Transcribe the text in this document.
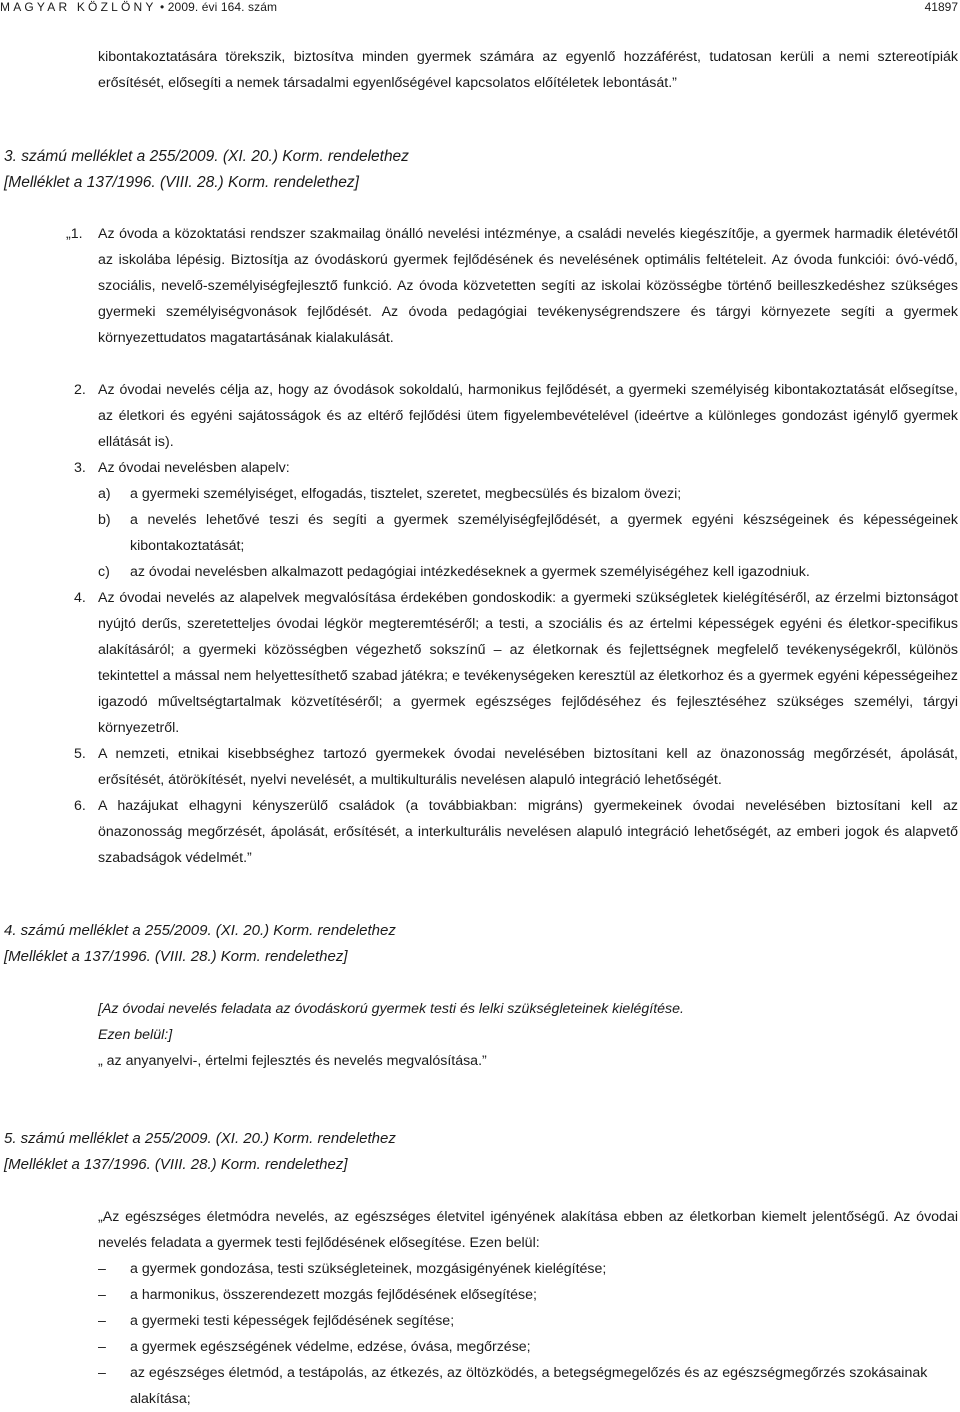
MAGYAR KÖZLÖNY • 2009. évi 164. szám	41897

kibontakoztatására törekszik, biztosítva minden gyermek számára az egyenlő hozzáférést, tudatosan kerüli a nemi sztereotípiák erősítését, elősegíti a nemek társadalmi egyenlőségével kapcsolatos előítéletek lebontását.”

3. számú melléklet a 255/2009. (XI. 20.) Korm. rendelethez

[Melléklet a 137/1996. (VIII. 28.) Korm. rendelethez]

„1. Az óvoda a közoktatási rendszer szakmailag önálló nevelési intézménye, a családi nevelés kiegészítője, a gyermek harmadik életévétől az iskolába lépésig. Biztosítja az óvodáskorú gyermek fejlődésének és nevelésének optimális feltételeit. Az óvoda funkciói: óvó-védő, szociális, nevelő-személyiségfejlesztő funkció. Az óvoda közvetetten segíti az iskolai közösségbe történő beilleszkedéshez szükséges gyermeki személyiségvonások fejlődését. Az óvoda pedagógiai tevékenységrendszere és tárgyi környezete segíti a gyermek környezettudatos magatartásának kialakulását.

2. Az óvodai nevelés célja az, hogy az óvodások sokoldalú, harmonikus fejlődését, a gyermeki személyiség kibontakoztatását elősegítse, az életkori és egyéni sajátosságok és az eltérő fejlődési ütem figyelembevételével (ideértve a különleges gondozást igénylő gyermek ellátását is).

3. Az óvodai nevelésben alapelv:

a) a gyermeki személyiséget, elfogadás, tisztelet, szeretet, megbecsülés és bizalom övezi;

b) a nevelés lehetővé teszi és segíti a gyermek személyiségfejlődését, a gyermek egyéni készségeinek és képességeinek kibontakoztatását;

c) az óvodai nevelésben alkalmazott pedagógiai intézkedéseknek a gyermek személyiségéhez kell igazodniuk.

4. Az óvodai nevelés az alapelvek megvalósítása érdekében gondoskodik: a gyermeki szükségletek kielégítéséről, az érzelmi biztonságot nyújtó derűs, szeretetteljes óvodai légkör megteremtéséről; a testi, a szociális és az értelmi képességek egyéni és életkor-specifikus alakításáról; a gyermeki közösségben végezhető sokszínű – az életkornak és fejlettségnek megfelelő tevékenységekről, különös tekintettel a mással nem helyettesíthető szabad játékra; e tevékenységeken keresztül az életkorhoz és a gyermek egyéni képességeihez igazodó műveltségtartalmak közvetítéséről; a gyermek egészséges fejlődéséhez és fejlesztéséhez szükséges személyi, tárgyi környezetről.

5. A nemzeti, etnikai kisebbséghez tartozó gyermekek óvodai nevelésében biztosítani kell az önazonosság megőrzését, ápolását, erősítését, átörökítését, nyelvi nevelését, a multikulturális nevelésen alapuló integráció lehetőségét.

6. A hazájukat elhagyni kényszerülő családok (a továbbiakban: migráns) gyermekeinek óvodai nevelésében biztosítani kell az önazonosság megőrzését, ápolását, erősítését, a interkulturális nevelésen alapuló integráció lehetőségét, az emberi jogok és alapvető szabadságok védelmét.”

4. számú melléklet a 255/2009. (XI. 20.) Korm. rendelethez

[Melléklet a 137/1996. (VIII. 28.) Korm. rendelethez]

[Az óvodai nevelés feladata az óvodáskorú gyermek testi és lelki szükségleteinek kielégítése.

Ezen belül:]

„ az anyanyelvi-, értelmi fejlesztés és nevelés megvalósítása.”

5. számú melléklet a 255/2009. (XI. 20.) Korm. rendelethez

[Melléklet a 137/1996. (VIII. 28.) Korm. rendelethez]

„Az egészséges életmódra nevelés, az egészséges életvitel igényének alakítása ebben az életkorban kiemelt jelentőségű. Az óvodai nevelés feladata a gyermek testi fejlődésének elősegítése. Ezen belül:

– a gyermek gondozása, testi szükségleteinek, mozgásigényének kielégítése;

– a harmonikus, összerendezett mozgás fejlődésének elősegítése;

– a gyermeki testi képességek fejlődésének segítése;

– a gyermek egészségének védelme, edzése, óvása, megőrzése;

– az egészséges életmód, a testápolás, az étkezés, az öltözködés, a betegségmegelőzés és az egészségmegőrzés szokásainak alakítása;
